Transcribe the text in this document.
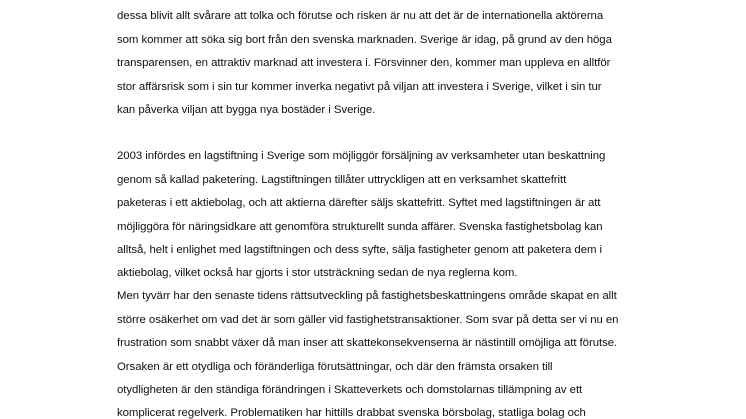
dessa blivit allt svårare att tolka och förutse och risken är nu att det är de internationella aktörerna
som kommer att söka sig bort från den svenska marknaden. Sverige är idag, på grund av den höga
transparensen, en attraktiv marknad att investera i. Försvinner den, kommer man uppleva en alltför
stor affärsrisk som i sin tur kommer inverka negativt på viljan att investera i Sverige, vilket i sin tur
kan påverka viljan att bygga nya bostäder i Sverige.
2003 infördes en lagstiftning i Sverige som möjliggör försäljning av verksamheter utan beskattning
genom så kallad paketering. Lagstiftningen tillåter uttryckligen att en verksamhet skattefritt
paketeras i ett aktiebolag, och att aktierna därefter säljs skattefritt. Syftet med lagstiftningen är att
möjliggöra för näringsidkare att genomföra strukturellt sunda affärer. Svenska fastighetsbolag kan
alltså, helt i enlighet med lagstiftningen och dess syfte, sälja fastigheter genom att paketera dem i
aktiebolag, vilket också har gjorts i stor utsträckning sedan de nya reglerna kom.
Men tyvärr har den senaste tidens rättsutveckling på fastighetsbeskattningens område skapat en allt
större osäkerhet om vad det är som gäller vid fastighetstransaktioner. Som svar på detta ser vi nu en
frustration som snabbt växer då man inser att skattekonsekvenserna är nästintill omöjliga att förutse.
Orsaken är ett otydliga och föränderliga förutsättningar, och där den främsta orsaken till
otydligheten är den ständiga förändringen i Skatteverkets och domstolarnas tillämpning av ett
komplicerat regelverk. Problematiken har hittills drabbat svenska börsbolag, statliga bolag och
